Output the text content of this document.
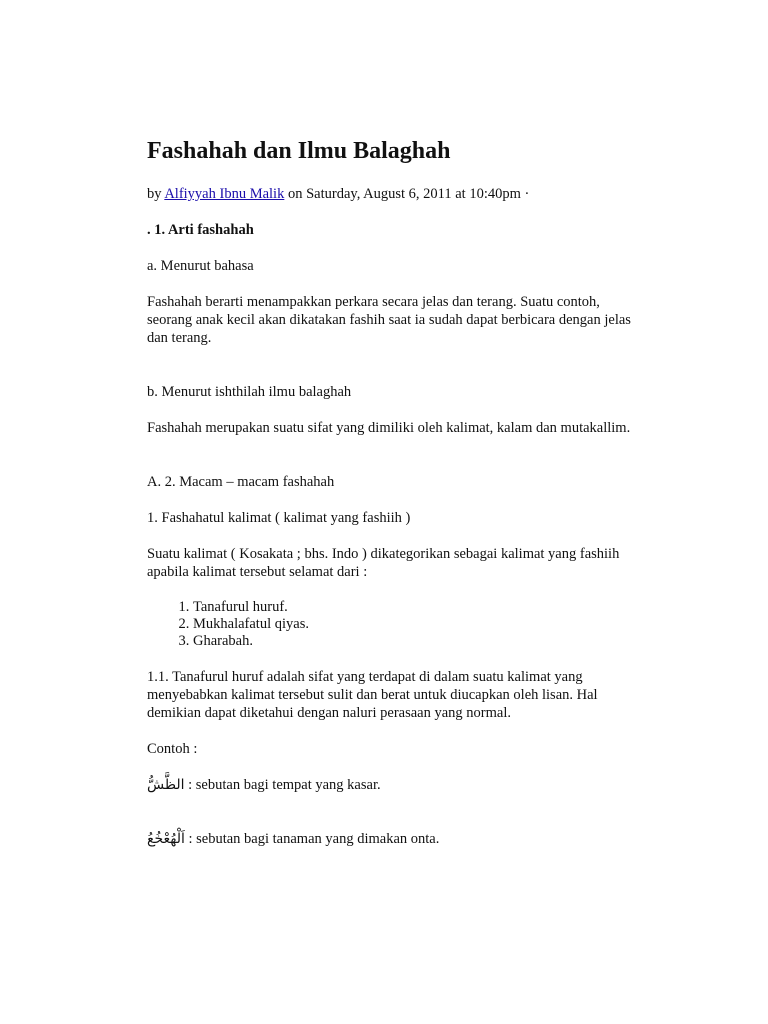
Fashahah dan Ilmu Balaghah

by Alfiyyah Ibnu Malik on Saturday, August 6, 2011 at 10:40pm ·

. 1. Arti fashahah

a. Menurut bahasa

Fashahah berarti menampakkan perkara secara jelas dan terang. Suatu contoh, seorang anak kecil akan dikatakan fashih saat ia sudah dapat berbicara dengan jelas dan terang.

b. Menurut ishthilah ilmu balaghah

Fashahah merupakan suatu sifat yang dimiliki oleh kalimat, kalam dan mutakallim.

A. 2. Macam – macam fashahah

1. Fashahatul kalimat ( kalimat yang fashiih )

Suatu kalimat ( Kosakata ; bhs. Indo ) dikategorikan sebagai kalimat yang fashiih apabila kalimat tersebut selamat dari :

1. Tanafurul huruf.
2. Mukhalafatul qiyas.
3. Gharabah.

1.1. Tanafurul huruf adalah sifat yang terdapat di dalam suatu kalimat yang menyebabkan kalimat tersebut sulit dan berat untuk diucapkan oleh lisan. Hal demikian dapat diketahui dengan naluri perasaan yang normal.

Contoh :

الظَّشُّ : sebutan bagi tempat yang kasar.

اَلْهُعْخُعُ : sebutan bagi tanaman yang dimakan onta.
